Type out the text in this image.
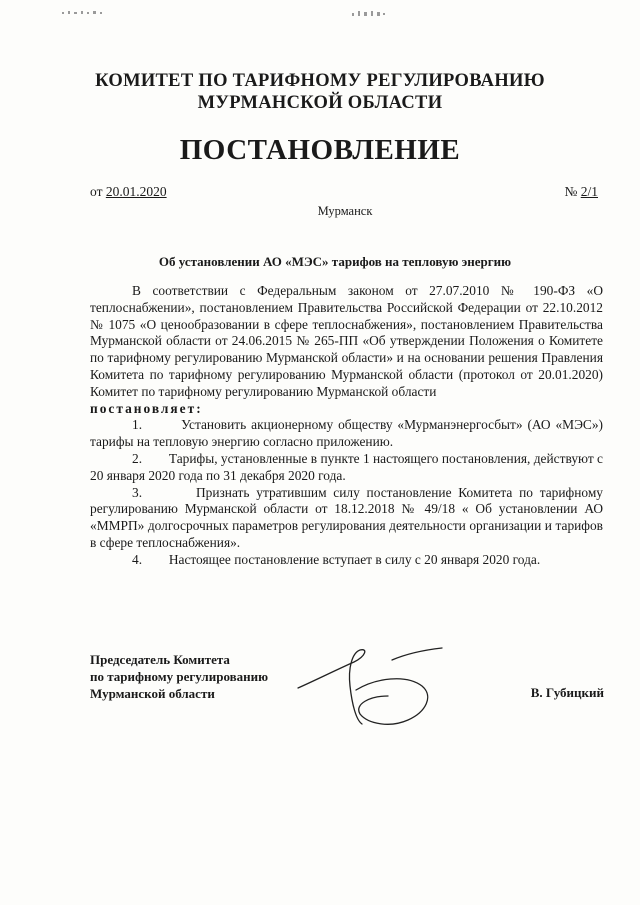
КОМИТЕТ ПО ТАРИФНОМУ РЕГУЛИРОВАНИЮ
МУРМАНСКОЙ ОБЛАСТИ
ПОСТАНОВЛЕНИЕ
от 20.01.2020	№ 2/1
Мурманск
Об установлении АО «МЭС» тарифов на тепловую энергию

В соответствии с Федеральным законом от 27.07.2010 № 190-ФЗ «О теплоснабжении», постановлением Правительства Российской Федерации от 22.10.2012 № 1075 «О ценообразовании в сфере теплоснабжения», постановлением Правительства Мурманской области от 24.06.2015 № 265-ПП «Об утверждении Положения о Комитете по тарифному регулированию Мурманской области» и на основании решения Правления Комитета по тарифному регулированию Мурманской области (протокол от 20.01.2020) Комитет по тарифному регулированию Мурманской области

постановляет:

1.        Установить акционерному обществу «Мурманэнергосбыт» (АО «МЭС») тарифы на тепловую энергию согласно приложению.

2.        Тарифы, установленные в пункте 1 настоящего постановления, действуют с 20 января 2020 года по 31 декабря 2020 года.

3.        Признать утратившим силу постановление Комитета по тарифному регулированию Мурманской области от 18.12.2018 № 49/18 « Об установлении АО «ММРП» долгосрочных параметров регулирования деятельности организации и тарифов в сфере теплоснабжения».

4.        Настоящее постановление вступает в силу с 20 января 2020 года.

Председатель Комитета
по тарифному регулированию
Мурманской области	В. Губицкий
